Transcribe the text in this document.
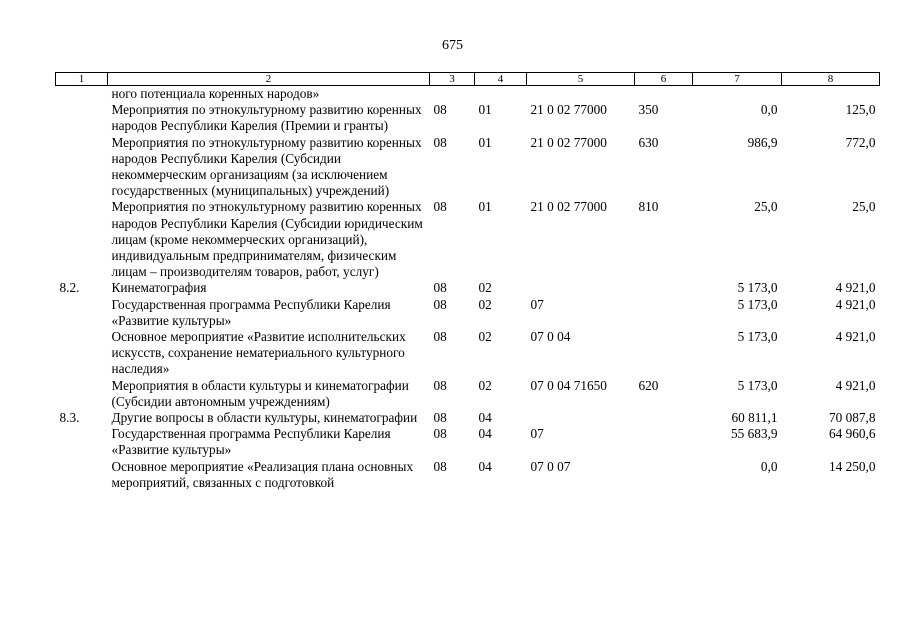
675
1	2	3	4	5	6	7	8
	ного потенциала коренных народов»						
	Мероприятия по этнокультурному развитию коренных народов Республики Карелия (Премии и гранты)	08	01	21 0 02 77000	350	0,0	125,0
	Мероприятия по этнокультурному развитию коренных народов Республики Карелия (Субсидии некоммерческим организациям (за исключением государственных (муниципальных) учреждений)	08	01	21 0 02 77000	630	986,9	772,0
	Мероприятия по этнокультурному развитию коренных народов Республики Карелия (Субсидии юридическим лицам (кроме некоммерческих организаций), индивидуальным предпринимателям, физическим лицам – производителям товаров, работ, услуг)	08	01	21 0 02 77000	810	25,0	25,0
8.2.	Кинематография	08	02			5 173,0	4 921,0
	Государственная программа Республики Карелия «Развитие культуры»	08	02	07		5 173,0	4 921,0
	Основное мероприятие «Развитие исполнительских искусств, сохранение нематериального культурного наследия»	08	02	07 0 04		5 173,0	4 921,0
	Мероприятия в области культуры и кинематографии (Субсидии автономным учреждениям)	08	02	07 0 04 71650	620	5 173,0	4 921,0
8.3.	Другие вопросы в области культуры, кинематографии	08	04			60 811,1	70 087,8
	Государственная программа Республики Карелия «Развитие культуры»	08	04	07		55 683,9	64 960,6
	Основное мероприятие «Реализация плана основных мероприятий, связанных с подготовкой	08	04	07 0 07		0,0	14 250,0
